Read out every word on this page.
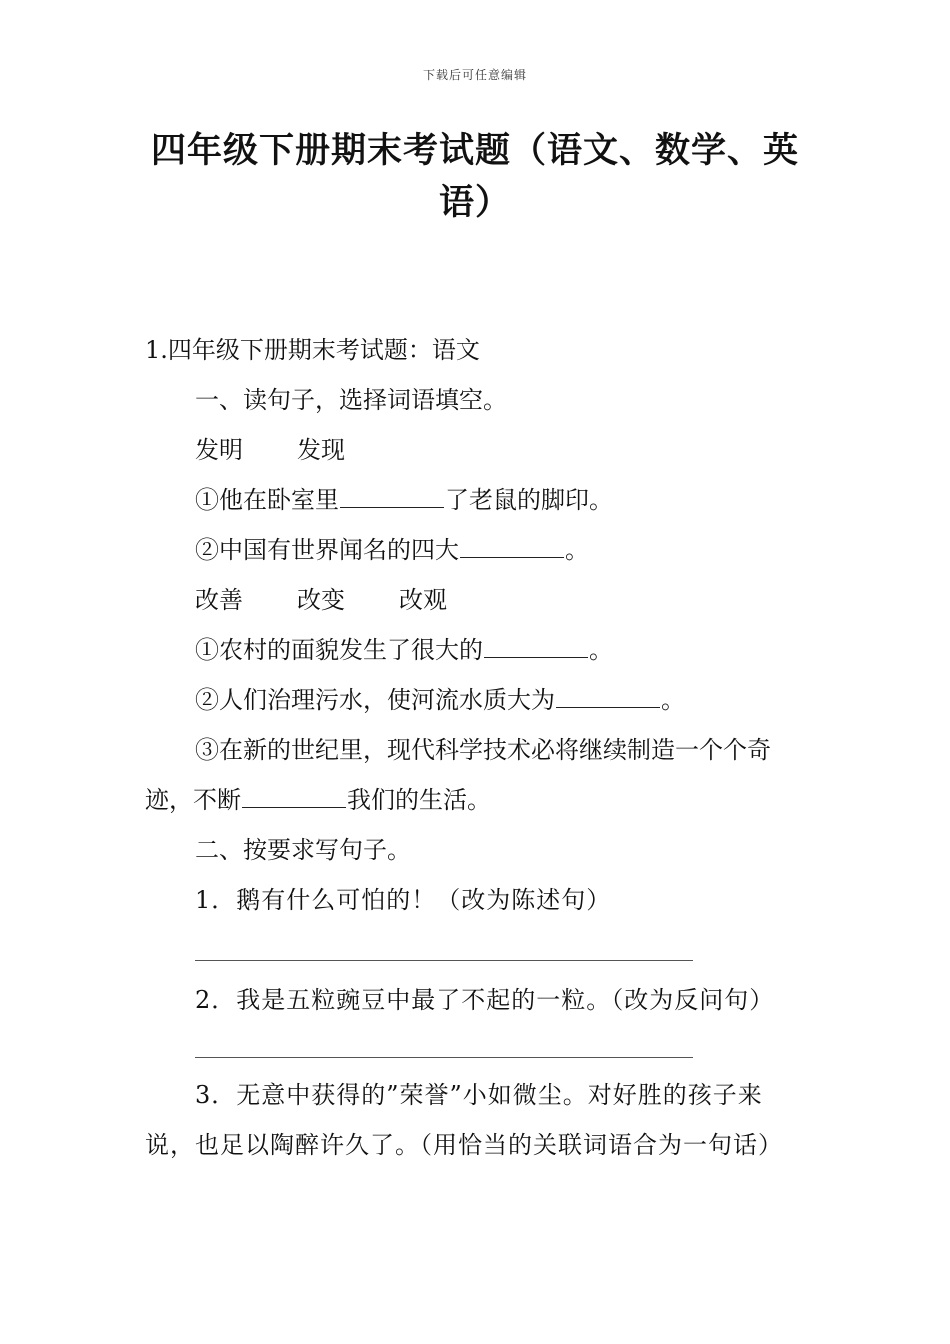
下载后可任意编辑
四年级下册期末考试题（语文、数学、英语）
1.四年级下册期末考试题：语文
一、读句子，选择词语填空。
发明 发现
①他在卧室里	了老鼠的脚印。
②中国有世界闻名的四大	。
改善 改变 改观
①农村的面貌发生了很大的	。
②人们治理污水，使河流水质大为	。
③在新的世纪里，现代科学技术必将继续制造一个个奇迹，不断	我们的生活。
二、按要求写句子。
1．鹅有什么可怕的！（改为陈述句）
2．我是五粒豌豆中最了不起的一粒。（改为反问句）
3．无意中获得的”荣誉”小如微尘。对好胜的孩子来说，也足以陶醉许久了。（用恰当的关联词语合为一句话）
